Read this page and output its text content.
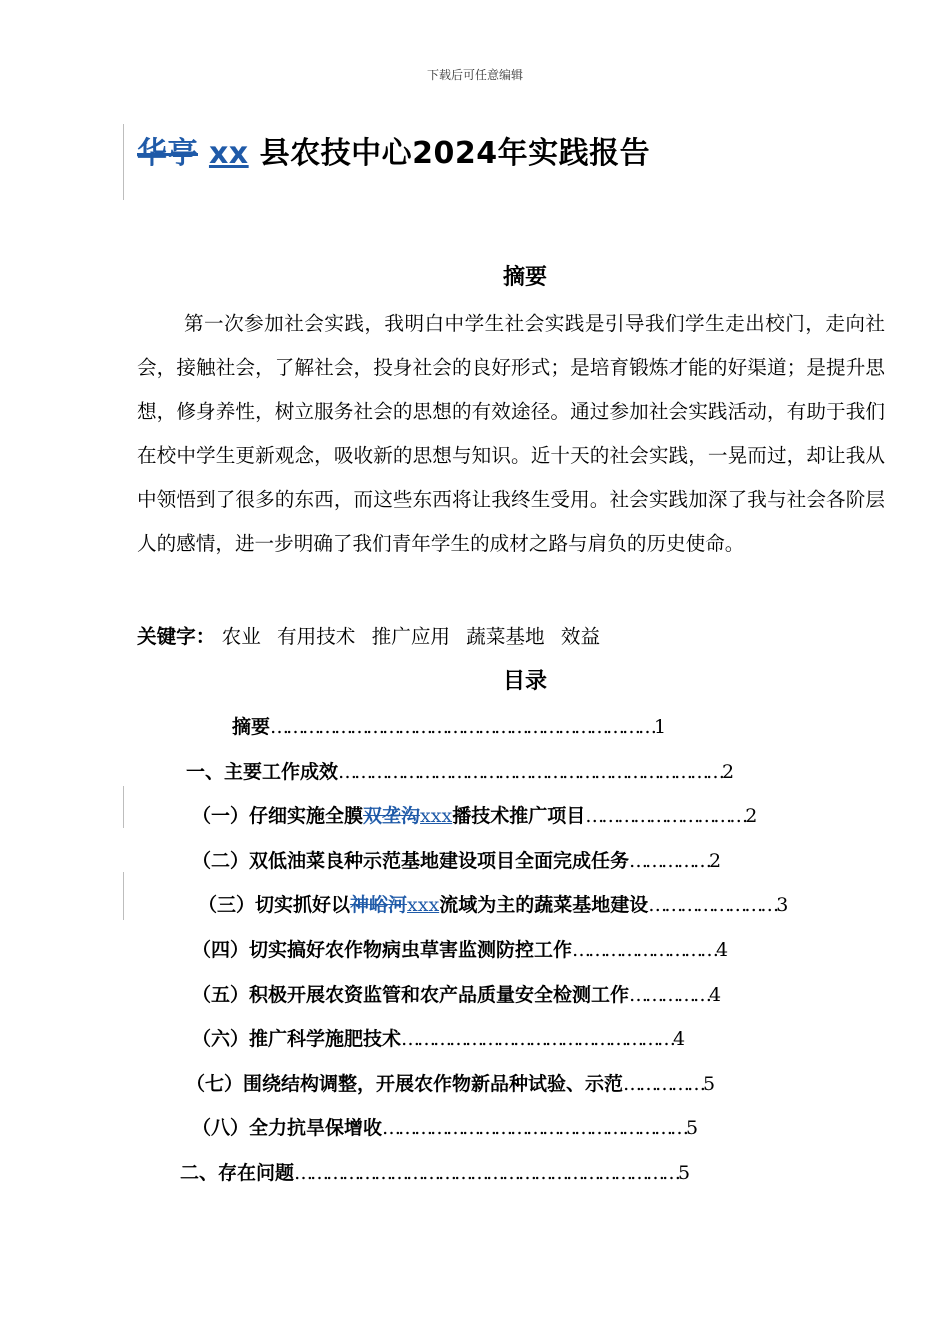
下载后可任意编辑
华亭 xx 县农技中心2024年实践报告
摘要
第一次参加社会实践，我明白中学生社会实践是引导我们学生走出校门，走向社会，接触社会，了解社会，投身社会的良好形式；是培育锻炼才能的好渠道；是提升思想，修身养性，树立服务社会的思想的有效途径。通过参加社会实践活动，有助于我们在校中学生更新观念，吸收新的思想与知识。近十天的社会实践，一晃而过，却让我从中领悟到了很多的东西，而这些东西将让我终生受用。社会实践加深了我与社会各阶层人的感情，进一步明确了我们青年学生的成材之路与肩负的历史使命。
关键字： 农业 有用技术 推广应用 蔬菜基地 效益
目录
摘要………………………………………………………………1
一、主要工作成效………………………………………………………………2
（一）仔细实施全膜双垄沟xxx播技术推广项目…………………………2
（二）双低油菜良种示范基地建设项目全面完成任务……………2
（三）切实抓好以神峪河xxx流域为主的蔬菜基地建设……………………3
（四）切实搞好农作物病虫草害监测防控工作………………………4
（五）积极开展农资监管和农产品质量安全检测工作……………4
（六）推广科学施肥技术……………………………………………4
（七）围绕结构调整，开展农作物新品种试验、示范……………5
（八）全力抗旱保增收…………………………………………………5
二、存在问题………………………………………………………………5
